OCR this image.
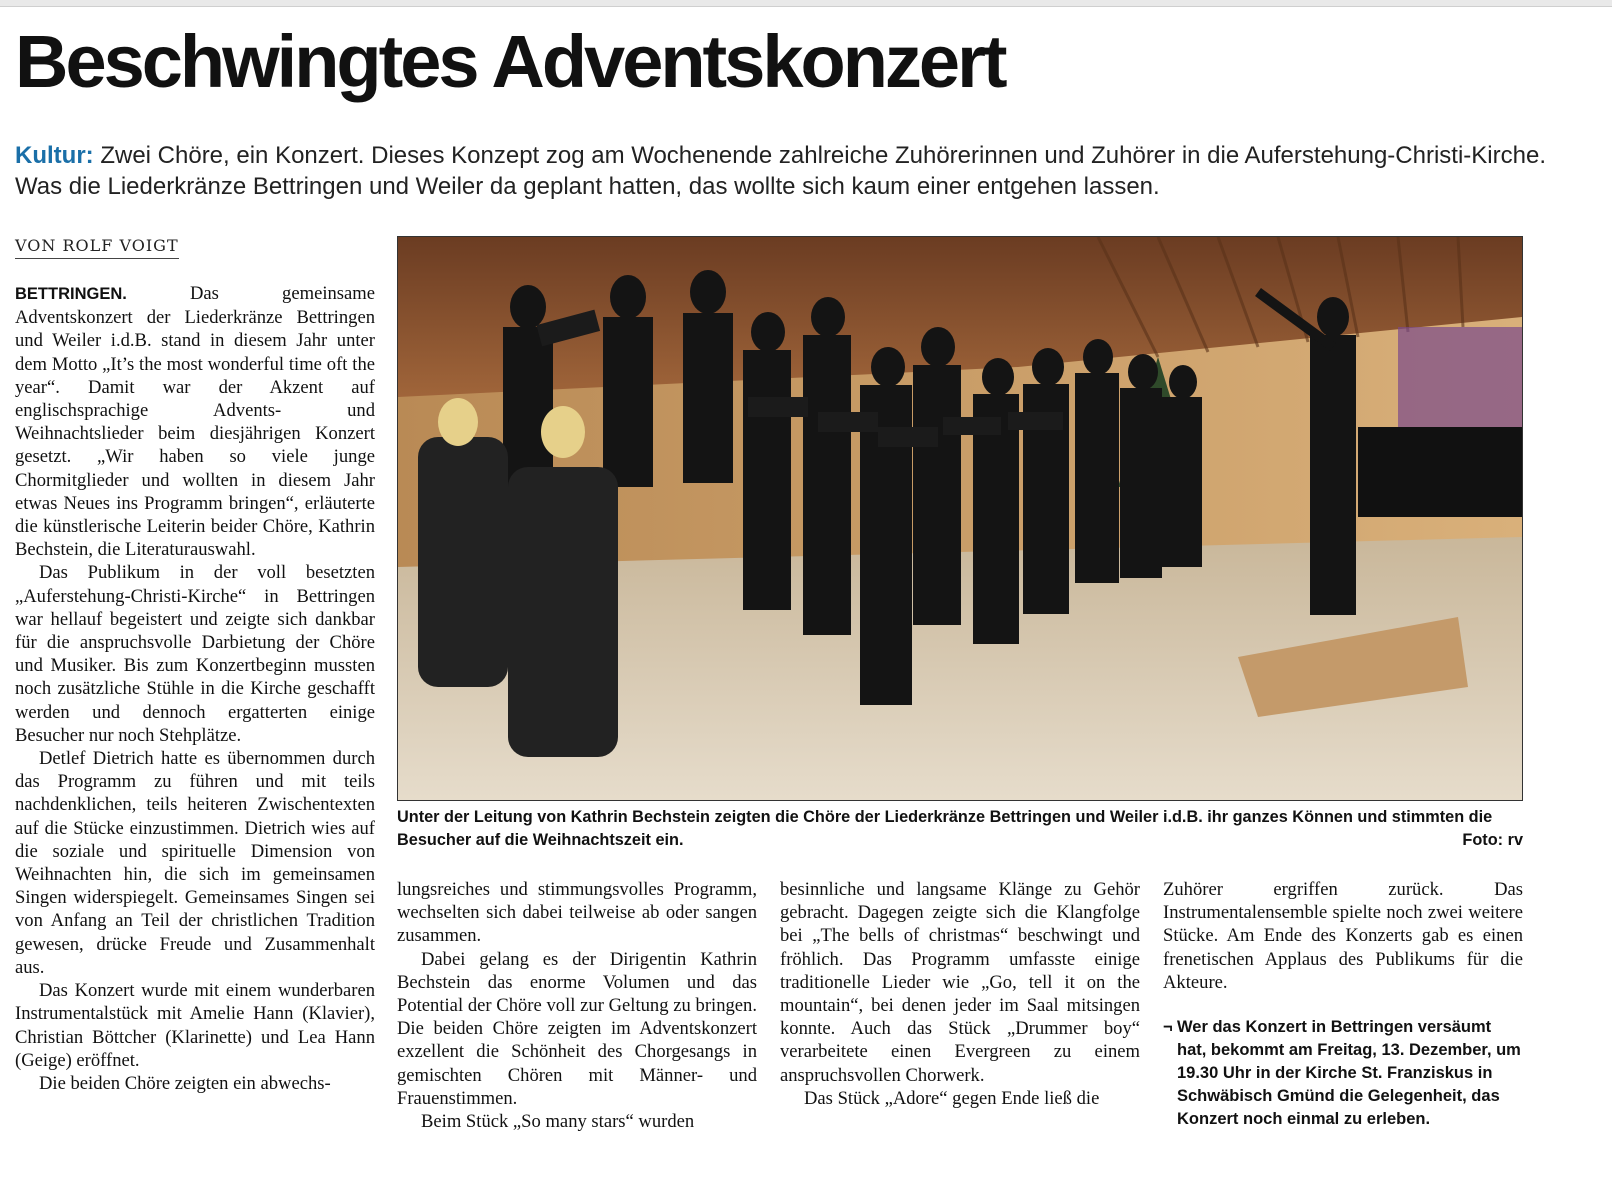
Beschwingtes Adventskonzert

Kultur: Zwei Chöre, ein Konzert. Dieses Konzept zog am Wochenende zahlreiche Zuhörerinnen und Zuhörer in die Auferstehung-Christi-Kirche. Was die Liederkränze Bettringen und Weiler da geplant hatten, das wollte sich kaum einer entgehen lassen.

VON ROLF VOIGT

BETTRINGEN. Das gemeinsame Adventskonzert der Liederkränze Bettringen und Weiler i.d.B. stand in diesem Jahr unter dem Motto „It’s the most wonderful time oft the year“. Damit war der Akzent auf englischsprachige Advents- und Weihnachtslieder beim diesjährigen Konzert gesetzt. „Wir haben so viele junge Chormitglieder und wollten in diesem Jahr etwas Neues ins Programm bringen“, erläuterte die künstlerische Leiterin beider Chöre, Kathrin Bechstein, die Literaturauswahl.

Das Publikum in der voll besetzten „Auferstehung-Christi-Kirche“ in Bettringen war hellauf begeistert und zeigte sich dankbar für die anspruchsvolle Darbietung der Chöre und Musiker. Bis zum Konzertbeginn mussten noch zusätzliche Stühle in die Kirche geschafft werden und dennoch ergatterten einige Besucher nur noch Stehplätze.

Detlef Dietrich hatte es übernommen durch das Programm zu führen und mit teils nachdenklichen, teils heiteren Zwischentexten auf die Stücke einzustimmen. Dietrich wies auf die soziale und spirituelle Dimension von Weihnachten hin, die sich im gemeinsamen Singen widerspiegelt. Gemeinsames Singen sei von Anfang an Teil der christlichen Tradition gewesen, drücke Freude und Zusammenhalt aus.

Das Konzert wurde mit einem wunderbaren Instrumentalstück mit Amelie Hann (Klavier), Christian Böttcher (Klarinette) und Lea Hann (Geige) eröffnet.

Die beiden Chöre zeigten ein abwechs-

Unter der Leitung von Kathrin Bechstein zeigten die Chöre der Liederkränze Bettringen und Weiler i.d.B. ihr ganzes Können und stimmten die Besucher auf die Weihnachtszeit ein.	Foto: rv

lungsreiches und stimmungsvolles Programm, wechselten sich dabei teilweise ab oder sangen zusammen.

Dabei gelang es der Dirigentin Kathrin Bechstein das enorme Volumen und das Potential der Chöre voll zur Geltung zu bringen. Die beiden Chöre zeigten im Adventskonzert exzellent die Schönheit des Chorgesangs in gemischten Chören mit Männer- und Frauenstimmen.

Beim Stück „So many stars“ wurden

besinnliche und langsame Klänge zu Gehör gebracht. Dagegen zeigte sich die Klangfolge bei „The bells of christmas“ beschwingt und fröhlich. Das Programm umfasste einige traditionelle Lieder wie „Go, tell it on the mountain“, bei denen jeder im Saal mitsingen konnte. Auch das Stück „Drummer boy“ verarbeitete einen Evergreen zu einem anspruchsvollen Chorwerk.

Das Stück „Adore“ gegen Ende ließ die

Zuhörer ergriffen zurück. Das Instrumentalensemble spielte noch zwei weitere Stücke. Am Ende des Konzerts gab es einen frenetischen Applaus des Publikums für die Akteure.

¬ Wer das Konzert in Bettringen versäumt hat, bekommt am Freitag, 13. Dezember, um 19.30 Uhr in der Kirche St. Franziskus in Schwäbisch Gmünd die Gelegenheit, das Konzert noch einmal zu erleben.
